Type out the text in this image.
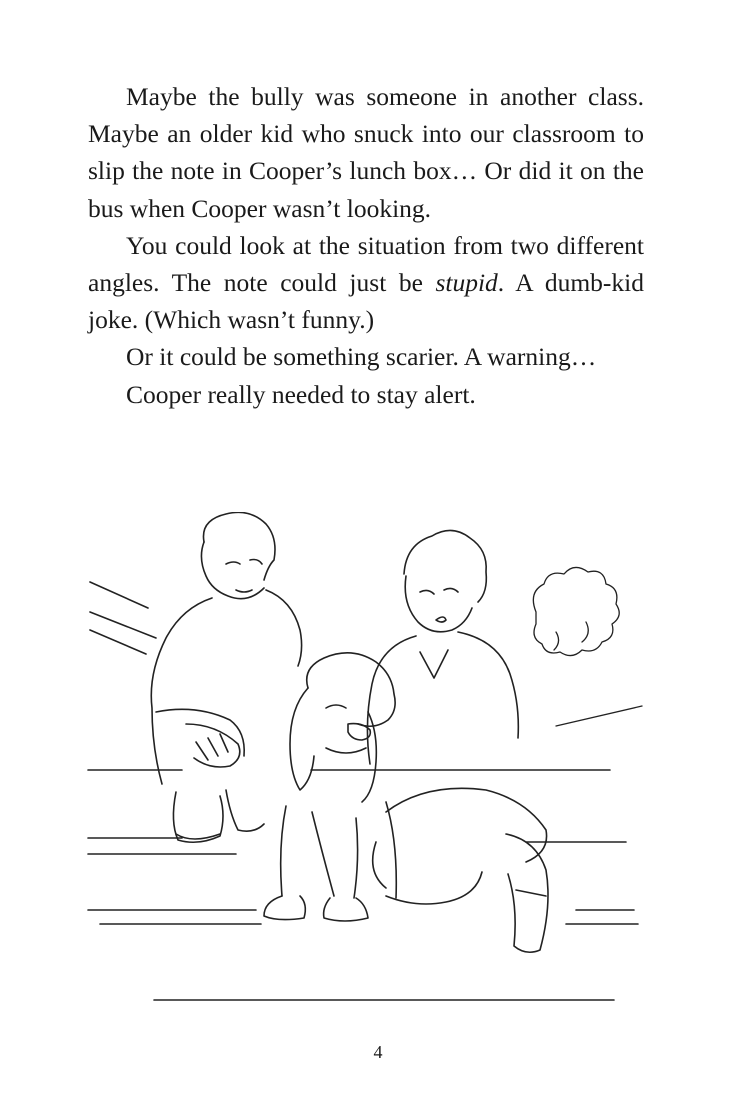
Maybe the bully was someone in another class. Maybe an older kid who snuck into our classroom to slip the note in Cooper’s lunch box… Or did it on the bus when Cooper wasn’t looking.

You could look at the situation from two different angles. The note could just be stupid. A dumb-kid joke. (Which wasn’t funny.)

Or it could be something scarier. A warning…

Cooper really needed to stay alert.

4
